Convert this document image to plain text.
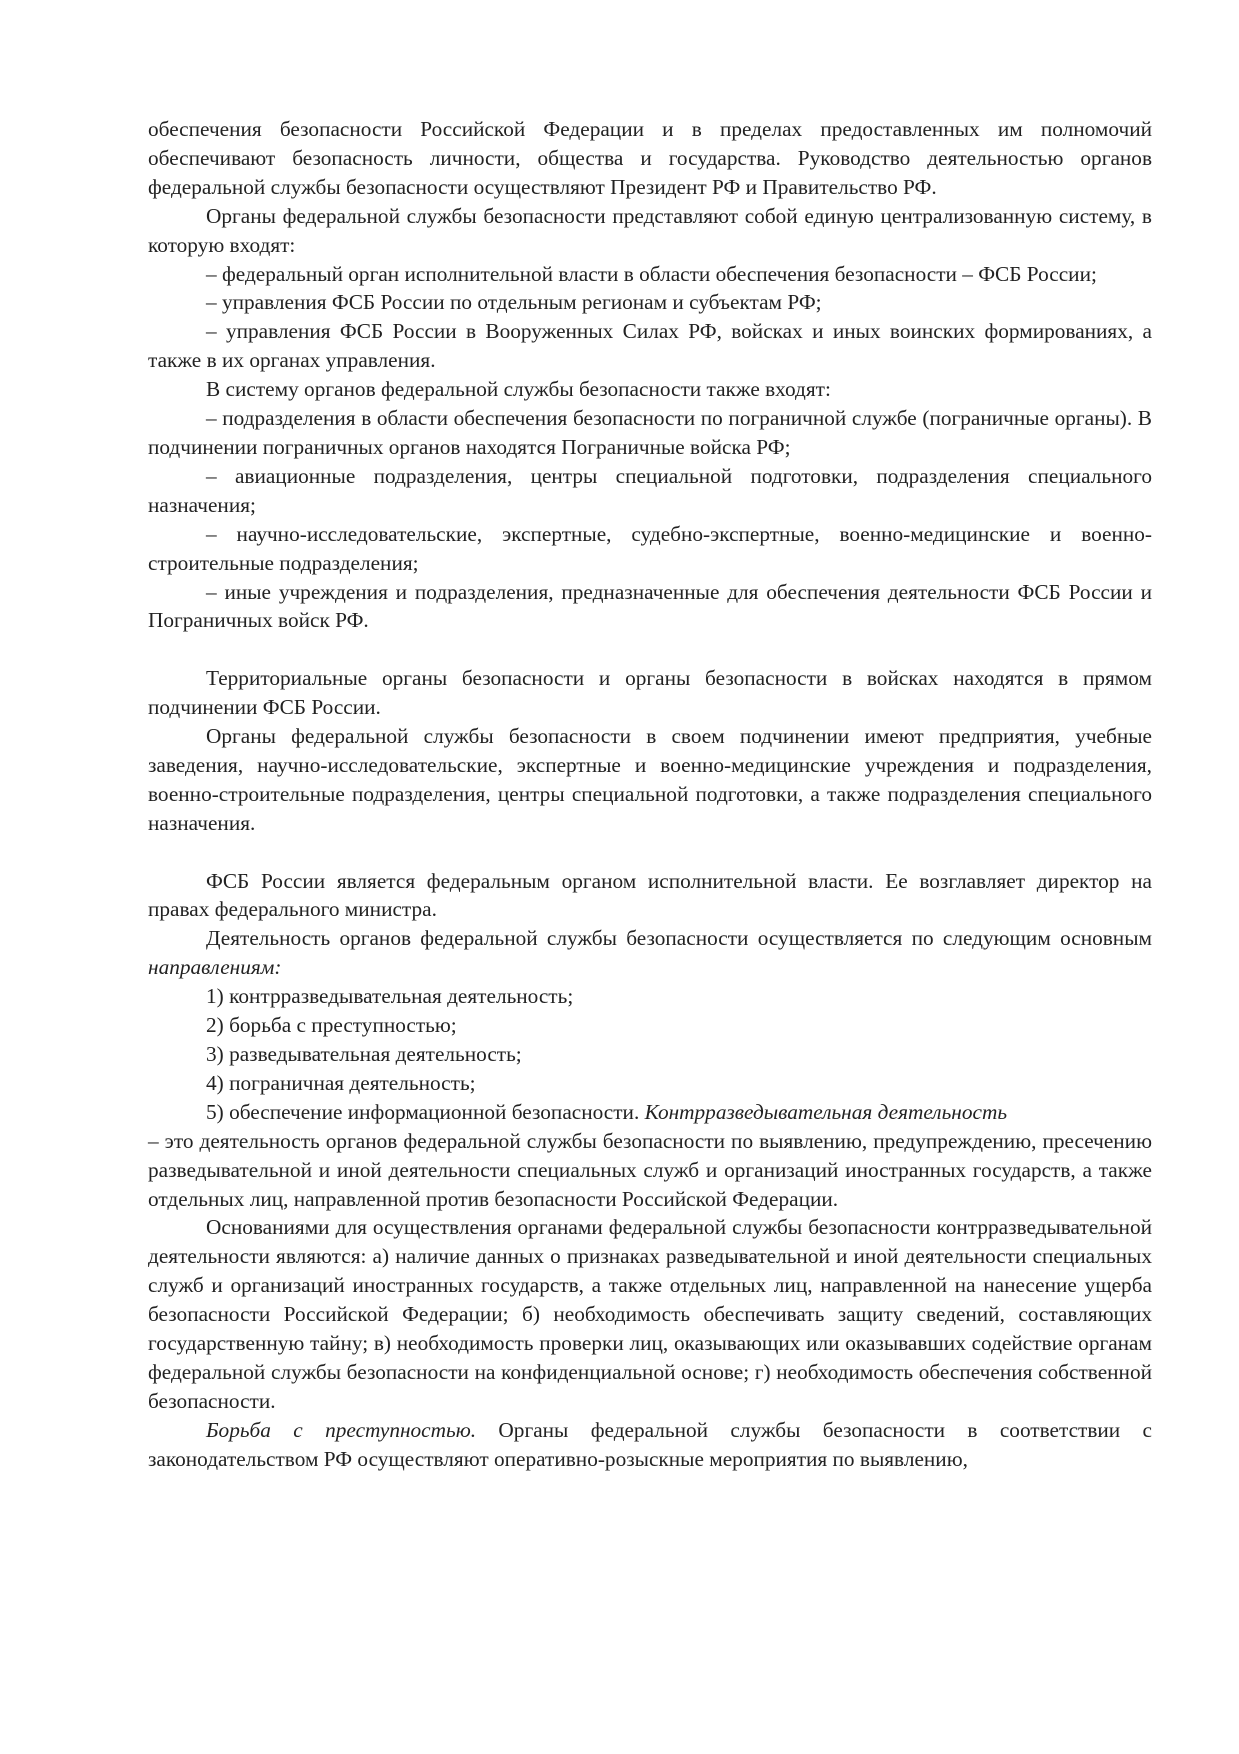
обеспечения безопасности Российской Федерации и в пределах предоставленных им полномочий обеспечивают безопасность личности, общества и государства. Руководство деятельностью органов федеральной службы безопасности осуществляют Президент РФ и Правительство РФ.

Органы федеральной службы безопасности представляют собой единую централизованную систему, в которую входят:

– федеральный орган исполнительной власти в области обеспечения безопасности – ФСБ России;

– управления ФСБ России по отдельным регионам и субъектам РФ;

– управления ФСБ России в Вооруженных Силах РФ, войсках и иных воинских формированиях, а также в их органах управления.

В систему органов федеральной службы безопасности также входят:

– подразделения в области обеспечения безопасности по пограничной службе (пограничные органы). В подчинении пограничных органов находятся Пограничные войска РФ;

– авиационные подразделения, центры специальной подготовки, подразделения специального назначения;

– научно-исследовательские, экспертные, судебно-экспертные, военно-медицинские и военно-строительные подразделения;

– иные учреждения и подразделения, предназначенные для обеспечения деятельности ФСБ России и Пограничных войск РФ.

Территориальные органы безопасности и органы безопасности в войсках находятся в прямом подчинении ФСБ России.

Органы федеральной службы безопасности в своем подчинении имеют предприятия, учебные заведения, научно-исследовательские, экспертные и военно-медицинские учреждения и подразделения, военно-строительные подразделения, центры специальной подготовки, а также подразделения специального назначения.

ФСБ России является федеральным органом исполнительной власти. Ее возглавляет директор на правах федерального министра.

Деятельность органов федеральной службы безопасности осуществляется по следующим основным направлениям:

1) контрразведывательная деятельность;

2) борьба с преступностью;

3) разведывательная деятельность;

4) пограничная деятельность;

5) обеспечение информационной безопасности. Контрразведывательная деятельность

– это деятельность органов федеральной службы безопасности по выявлению, предупреждению, пресечению разведывательной и иной деятельности специальных служб и организаций иностранных государств, а также отдельных лиц, направленной против безопасности Российской Федерации.

Основаниями для осуществления органами федеральной службы безопасности контрразведывательной деятельности являются: а) наличие данных о признаках разведывательной и иной деятельности специальных служб и организаций иностранных государств, а также отдельных лиц, направленной на нанесение ущерба безопасности Российской Федерации; б) необходимость обеспечивать защиту сведений, составляющих государственную тайну; в) необходимость проверки лиц, оказывающих или оказывавших содействие органам федеральной службы безопасности на конфиденциальной основе; г) необходимость обеспечения собственной безопасности.

Борьба с преступностью. Органы федеральной службы безопасности в соответствии с законодательством РФ осуществляют оперативно-розыскные мероприятия по выявлению,
